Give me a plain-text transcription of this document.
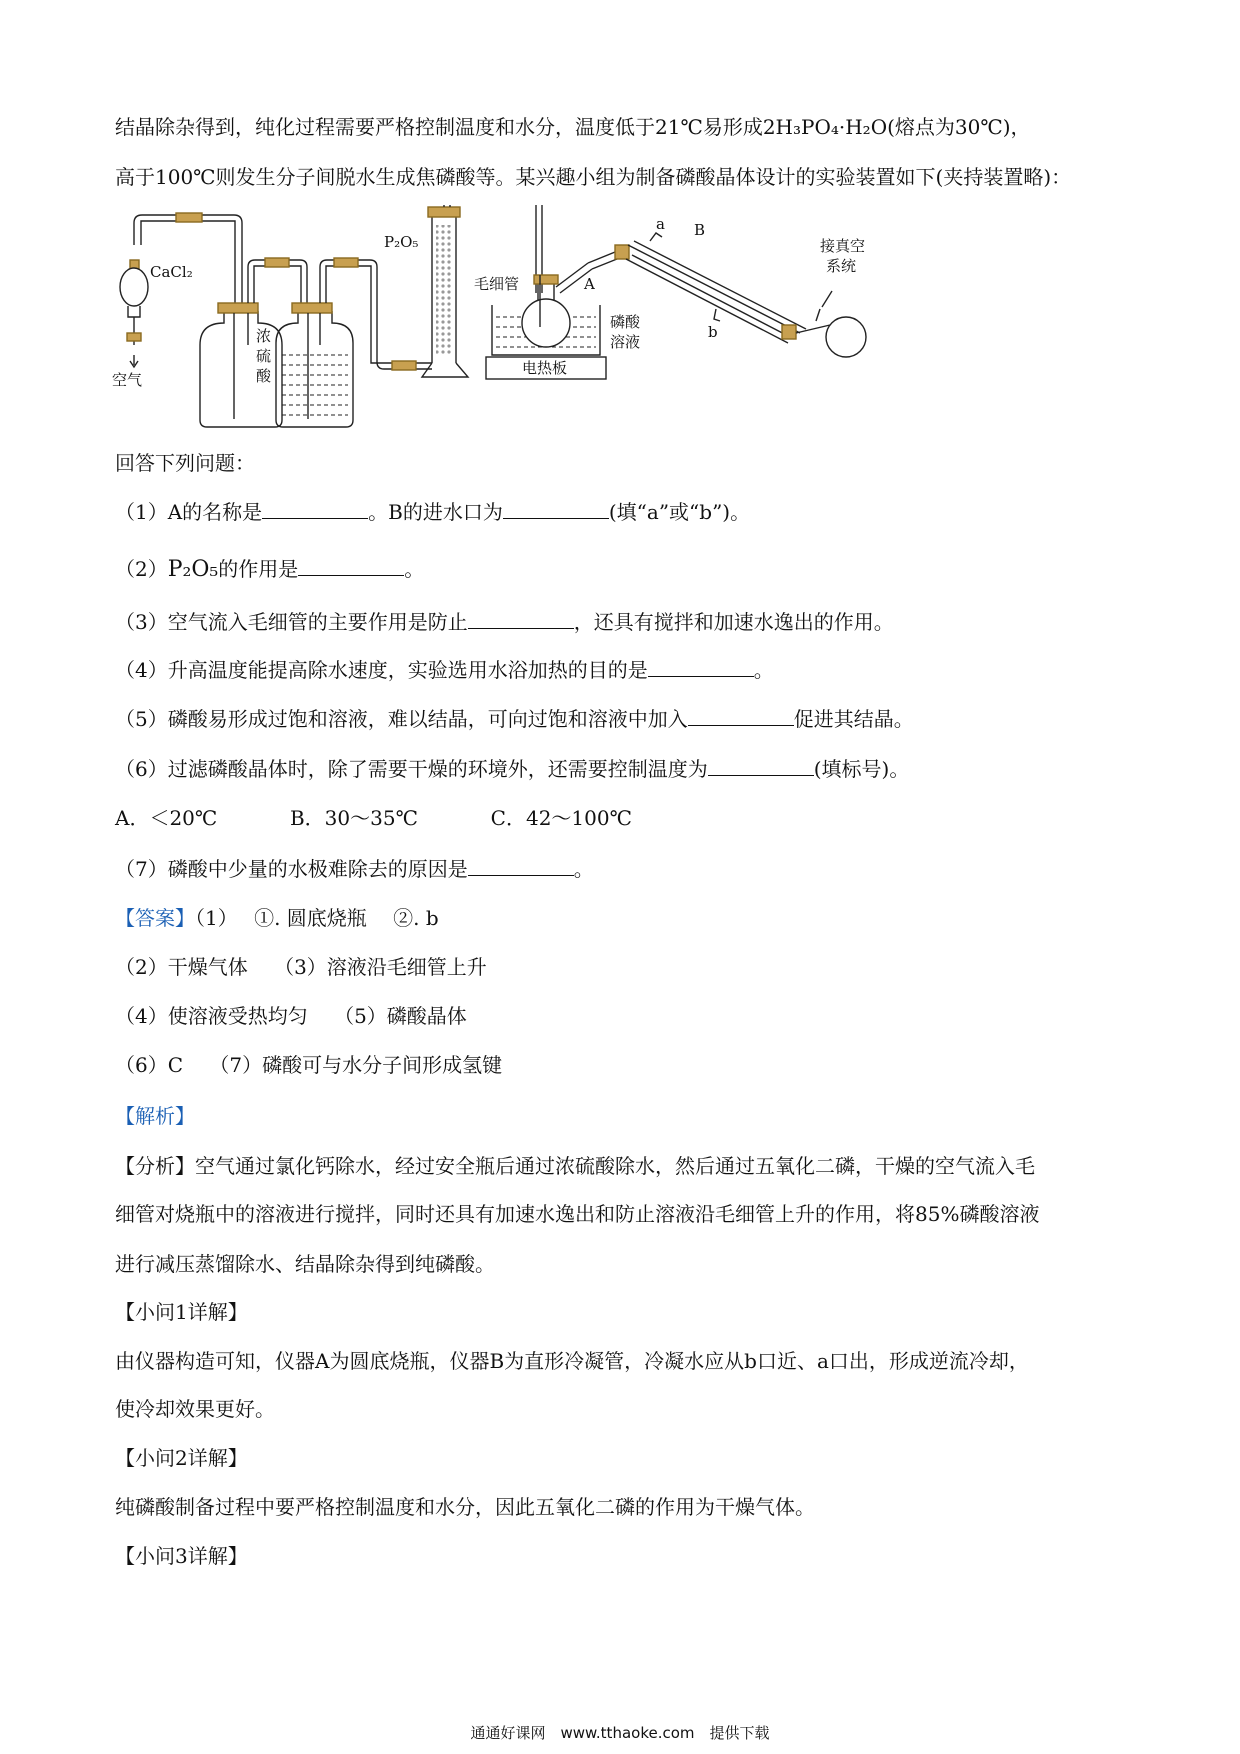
结晶除杂得到，纯化过程需要严格控制温度和水分，温度低于21℃易形成2H₃PO₄·H₂O(熔点为30℃)，
高于100℃则发生分子间脱水生成焦磷酸等。某兴趣小组为制备磷酸晶体设计的实验装置如下(夹持装置略)：
CaCl₂
空气
浓
硫
酸
P₂O₅
毛细管	A
磷酸
溶液
电热板
a B
b
接真空
系统
回答下列问题：
（1）A的名称是	。B的进水口为	(填“a”或“b”)。
（2）P₂O₅的作用是	。
（3）空气流入毛细管的主要作用是防止	，还具有搅拌和加速水逸出的作用。
（4）升高温度能提高除水速度，实验选用水浴加热的目的是	。
（5）磷酸易形成过饱和溶液，难以结晶，可向过饱和溶液中加入	促进其结晶。
（6）过滤磷酸晶体时，除了需要干燥的环境外，还需要控制温度为	(填标号)。
A．＜20℃	B．30～35℃	C．42～100℃
（7）磷酸中少量的水极难除去的原因是	。
【答案】（1）　 ①. 圆底烧瓶　 ②. b
（2）干燥气体　 （3）溶液沿毛细管上升
（4）使溶液受热均匀　 （5）磷酸晶体
（6）C　 （7）磷酸可与水分子间形成氢键
【解析】
【分析】空气通过氯化钙除水，经过安全瓶后通过浓硫酸除水，然后通过五氧化二磷，干燥的空气流入毛
细管对烧瓶中的溶液进行搅拌，同时还具有加速水逸出和防止溶液沿毛细管上升的作用，将85%磷酸溶液
进行减压蒸馏除水、结晶除杂得到纯磷酸。
【小问1详解】
由仪器构造可知，仪器A为圆底烧瓶，仪器B为直形冷凝管，冷凝水应从b口近、a口出，形成逆流冷却，
使冷却效果更好。
【小问2详解】
纯磷酸制备过程中要严格控制温度和水分，因此五氧化二磷的作用为干燥气体。
【小问3详解】
通通好课网　www.tthaoke.com　提供下载
